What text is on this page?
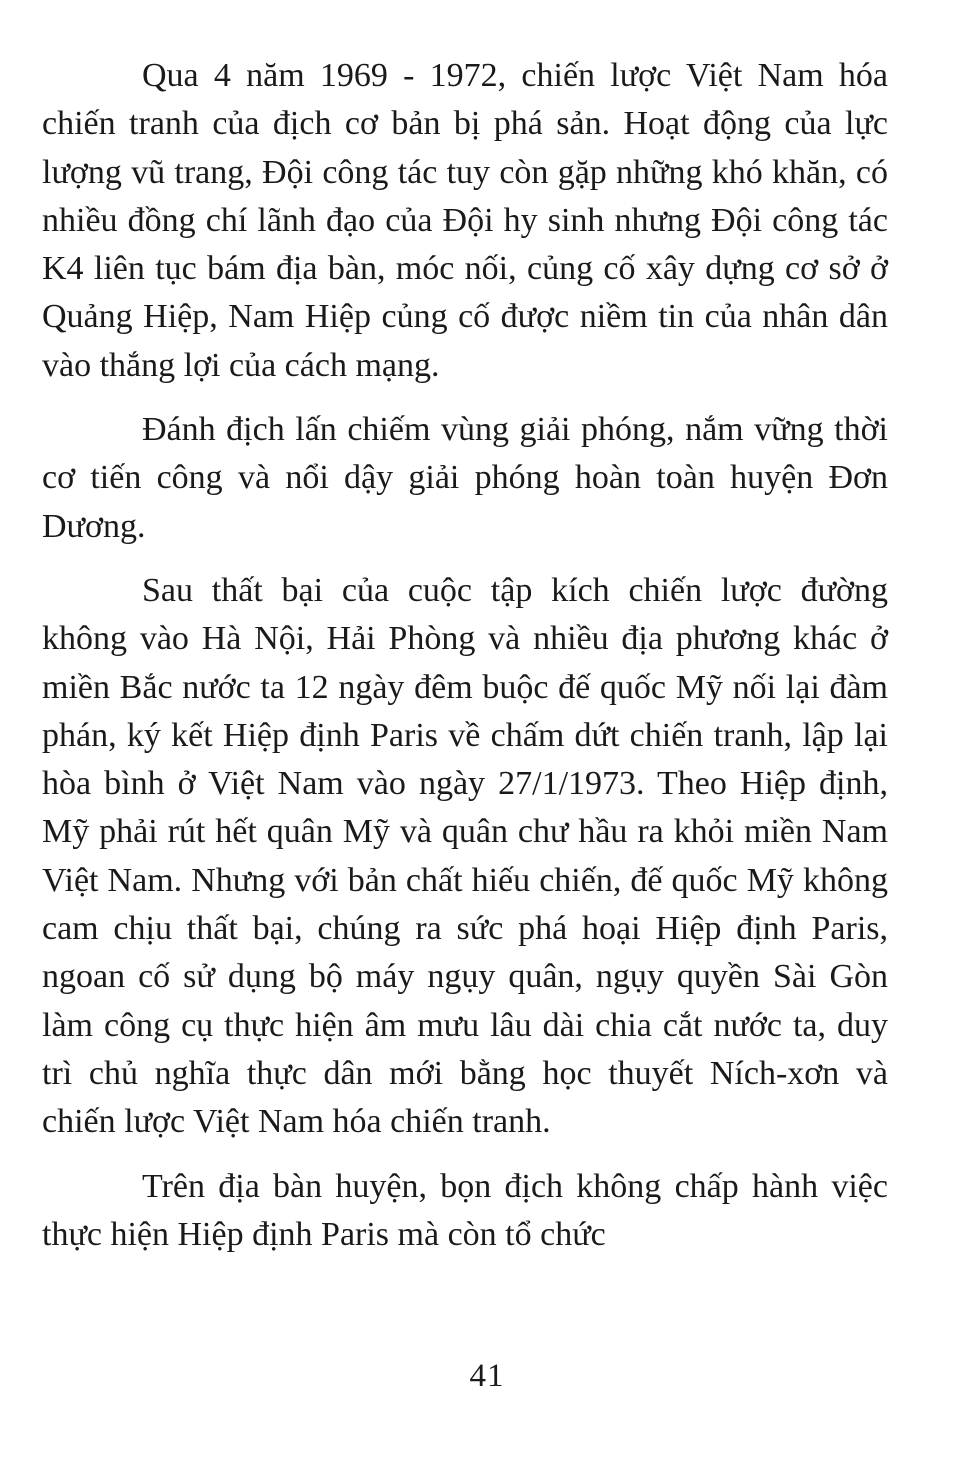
Qua 4 năm 1969 - 1972, chiến lược Việt Nam hóa chiến tranh của địch cơ bản bị phá sản. Hoạt động của lực lượng vũ trang, Đội công tác tuy còn gặp những khó khăn, có nhiều đồng chí lãnh đạo của Đội hy sinh nhưng Đội công tác K4 liên tục bám địa bàn, móc nối, củng cố xây dựng cơ sở ở Quảng Hiệp, Nam Hiệp củng cố được niềm tin của nhân dân vào thắng lợi của cách mạng.

Đánh địch lấn chiếm vùng giải phóng, nắm vững thời cơ tiến công và nổi dậy giải phóng hoàn toàn huyện Đơn Dương.

Sau thất bại của cuộc tập kích chiến lược đường không vào Hà Nội, Hải Phòng và nhiều địa phương khác ở miền Bắc nước ta 12 ngày đêm buộc đế quốc Mỹ nối lại đàm phán, ký kết Hiệp định Paris về chấm dứt chiến tranh, lập lại hòa bình ở Việt Nam vào ngày 27/1/1973. Theo Hiệp định, Mỹ phải rút hết quân Mỹ và quân chư hầu ra khỏi miền Nam Việt Nam. Nhưng với bản chất hiếu chiến, đế quốc Mỹ không cam chịu thất bại, chúng ra sức phá hoại Hiệp định Paris, ngoan cố sử dụng bộ máy ngụy quân, ngụy quyền Sài Gòn làm công cụ thực hiện âm mưu lâu dài chia cắt nước ta, duy trì chủ nghĩa thực dân mới bằng học thuyết Ních-xơn và chiến lược Việt Nam hóa chiến tranh.

Trên địa bàn huyện, bọn địch không chấp hành việc thực hiện Hiệp định Paris mà còn tổ chức

41
